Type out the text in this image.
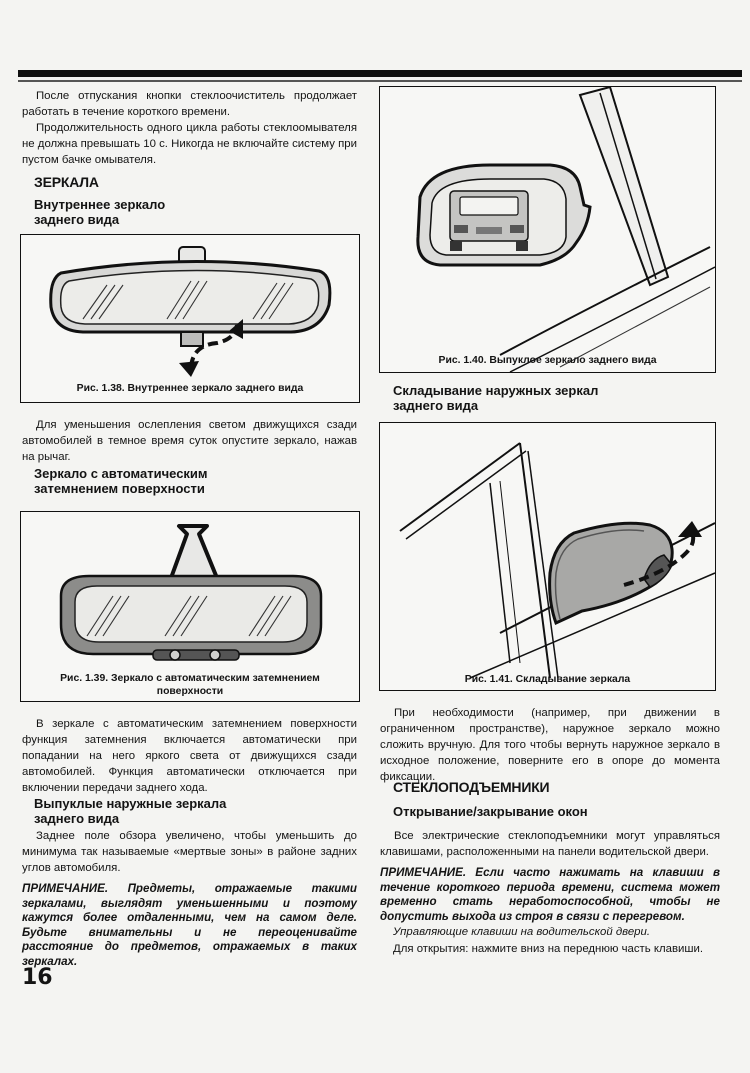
После отпускания кнопки стеклоочиститель продолжает работать в течение короткого времени.

Продолжительность одного цикла работы стеклоомывателя не должна превышать 10 с. Никогда не включайте систему при пустом бачке омывателя.

ЗЕРКАЛА
Внутреннее зеркало заднего вида
Рис. 1.38. Внутреннее зеркало заднего вида

Для уменьшения ослепления светом движущихся сзади автомобилей в темное время суток опустите зеркало, нажав на рычаг.

Зеркало с автоматическим затемнением поверхности
Рис. 1.39. Зеркало с автоматическим затемнением поверхности

В зеркале с автоматическим затемнением поверхности функция затемнения включается автоматически при попадании на него яркого света от движущихся сзади автомобилей. Функция автоматически отключается при включении передачи заднего хода.

Выпуклые наружные зеркала заднего вида

Заднее поле обзора увеличено, чтобы уменьшить до минимума так называемые «мертвые зоны» в районе задних углов автомобиля.

ПРИМЕЧАНИЕ. Предметы, отражаемые такими зеркалами, выглядят уменьшенными и поэтому кажутся более отдаленными, чем на самом деле. Будьте внимательны и не переоценивайте расстояние до предметов, отражаемых в таких зеркалах.

16
Рис. 1.40. Выпуклое зеркало заднего вида
Складывание наружных зеркал заднего вида
Рис. 1.41. Складывание зеркала

При необходимости (например, при движении в ограниченном пространстве), наружное зеркало можно сложить вручную. Для того чтобы вернуть наружное зеркало в исходное положение, поверните его в опоре до момента фиксации.

СТЕКЛОПОДЪЕМНИКИ
Открывание/закрывание окон

Все электрические стеклоподъемники могут управляться клавишами, расположенными на панели водительской двери.

ПРИМЕЧАНИЕ. Если часто нажимать на клавиши в течение короткого периода времени, система может временно стать неработоспособной, чтобы не допустить выхода из строя в связи с перегревом.

Управляющие клавиши на водительской двери.

Для открытия: нажмите вниз на переднюю часть клавиши.
